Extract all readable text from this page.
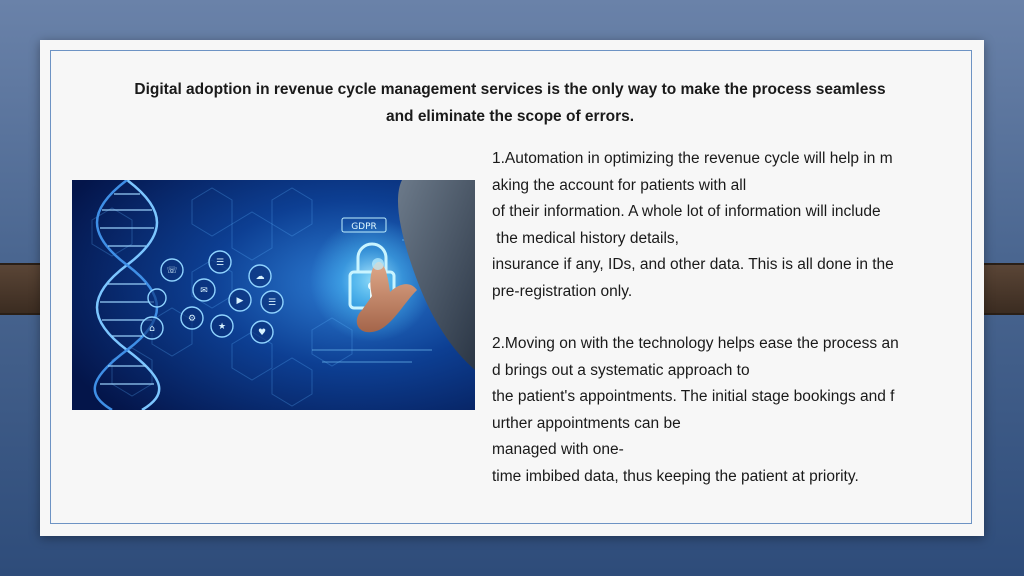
Digital adoption in revenue cycle management services is the only way to make the process seamless
and eliminate the scope of errors.
☏
✉
☰
☁
▶	☰
⌂
⚙
★
♥
GDPR

1.Automation in optimizing the revenue cycle will help in m
aking the account for patients with all
of their information. A whole lot of information will include
the medical history details,
insurance if any, IDs, and other data. This is all done in the
pre-registration only.

2.Moving on with the technology helps ease the process an
d brings out a systematic approach to
the patient's appointments. The initial stage bookings and f
urther appointments can be
managed with one-
time imbibed data, thus keeping the patient at priority.
